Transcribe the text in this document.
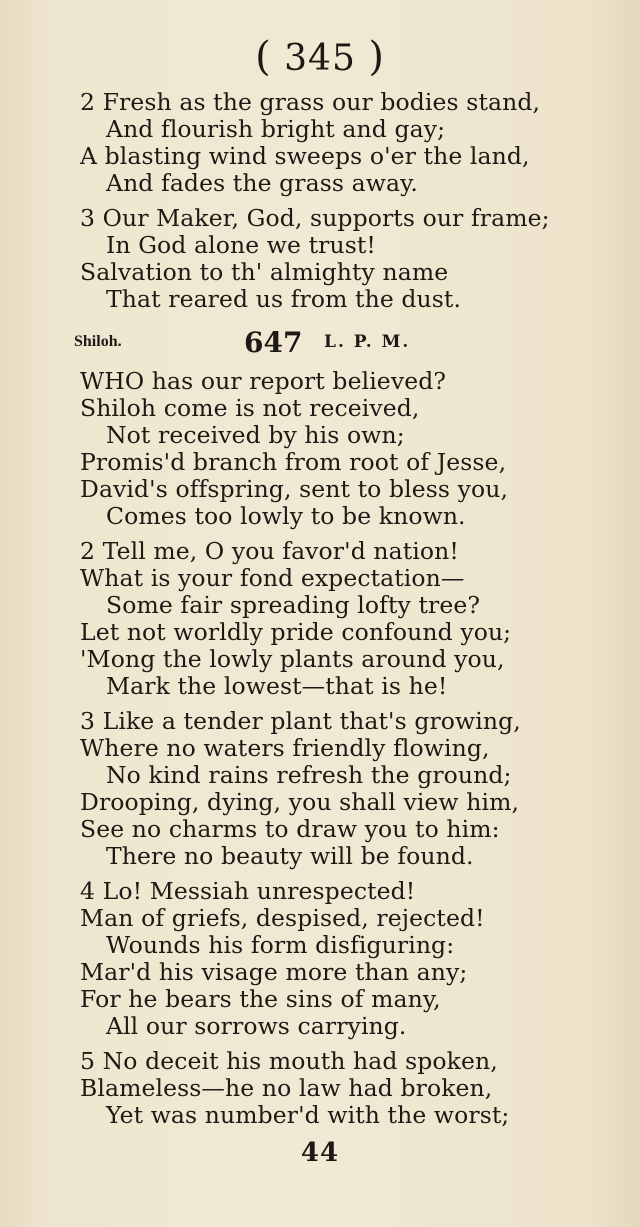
( 345 )
2 Fresh as the grass our bodies stand,
And flourish bright and gay;
A blasting wind sweeps o'er the land,
And fades the grass away.
3 Our Maker, God, supports our frame;
In God alone we trust!
Salvation to th' almighty name
That reared us from the dust.
Shiloh.	647 L. P. M.
WHO has our report believed?
Shiloh come is not received,
Not received by his own;
Promis'd branch from root of Jesse,
David's offspring, sent to bless you,
Comes too lowly to be known.
2 Tell me, O you favor'd nation!
What is your fond expectation—
Some fair spreading lofty tree?
Let not worldly pride confound you;
'Mong the lowly plants around you,
Mark the lowest—that is he!
3 Like a tender plant that's growing,
Where no waters friendly flowing,
No kind rains refresh the ground;
Drooping, dying, you shall view him,
See no charms to draw you to him:
There no beauty will be found.
4 Lo! Messiah unrespected!
Man of griefs, despised, rejected!
Wounds his form disfiguring:
Mar'd his visage more than any;
For he bears the sins of many,
All our sorrows carrying.
5 No deceit his mouth had spoken,
Blameless—he no law had broken,
Yet was number'd with the worst;
44
